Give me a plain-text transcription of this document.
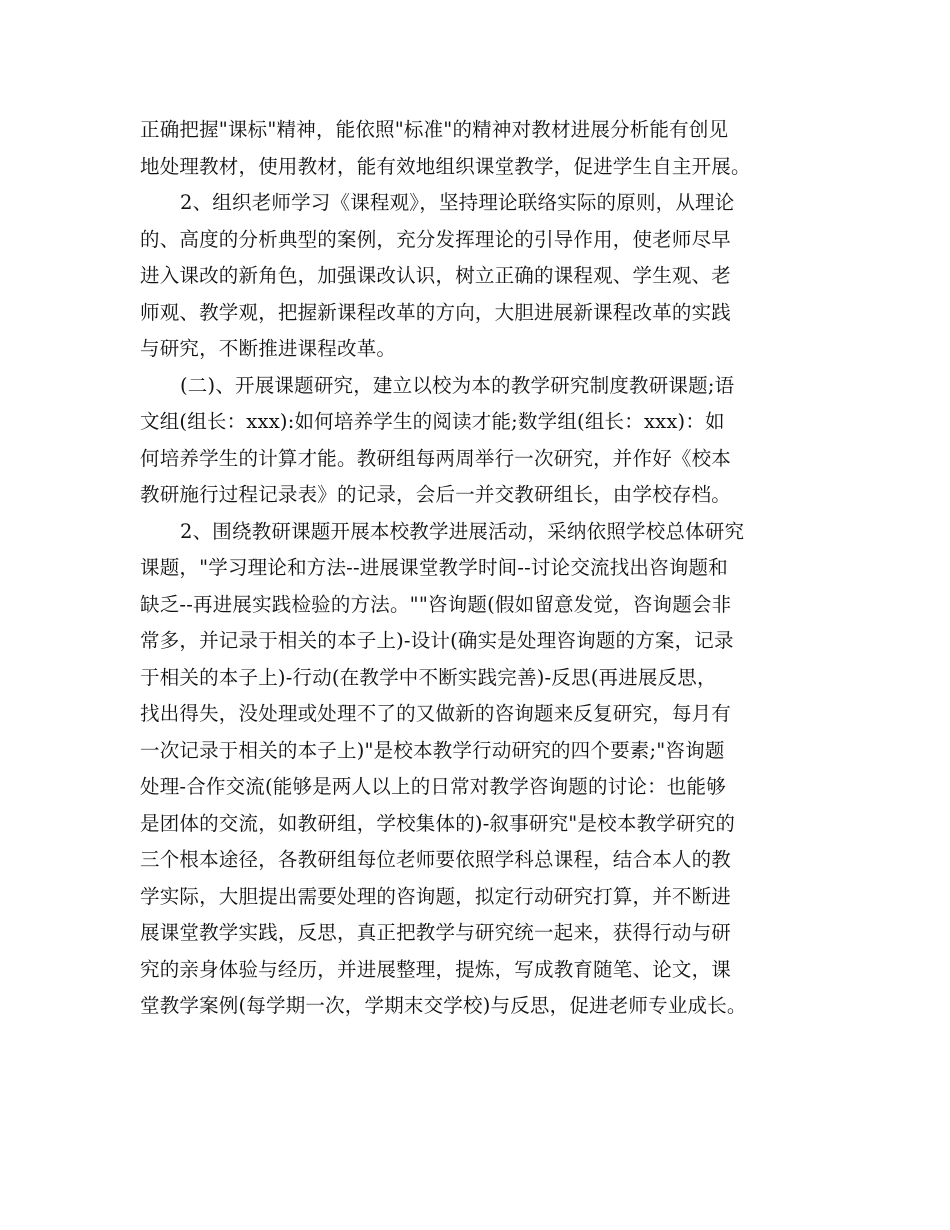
正确把握"课标"精神，能依照"标准"的精神对教材进展分析能有创见
地处理教材，使用教材，能有效地组织课堂教学，促进学生自主开展。
2、组织老师学习《课程观》，坚持理论联络实际的原则，从理论
的、高度的分析典型的案例，充分发挥理论的引导作用，使老师尽早
进入课改的新角色，加强课改认识，树立正确的课程观、学生观、老
师观、教学观，把握新课程改革的方向，大胆进展新课程改革的实践
与研究，不断推进课程改革。
(二)、开展课题研究，建立以校为本的教学研究制度教研课题;语
文组(组长：xxx):如何培养学生的阅读才能;数学组(组长：xxx)：如
何培养学生的计算才能。教研组每两周举行一次研究，并作好《校本
教研施行过程记录表》的记录，会后一并交教研组长，由学校存档。
2、围绕教研课题开展本校教学进展活动，采纳依照学校总体研究
课题，"学习理论和方法--进展课堂教学时间--讨论交流找出咨询题和
缺乏--再进展实践检验的方法。""咨询题(假如留意发觉，咨询题会非
常多，并记录于相关的本子上)-设计(确实是处理咨询题的方案，记录
于相关的本子上)-行动(在教学中不断实践完善)-反思(再进展反思，
找出得失，没处理或处理不了的又做新的咨询题来反复研究，每月有
一次记录于相关的本子上)"是校本教学行动研究的四个要素;"咨询题
处理-合作交流(能够是两人以上的日常对教学咨询题的讨论：也能够
是团体的交流，如教研组，学校集体的)-叙事研究"是校本教学研究的
三个根本途径，各教研组每位老师要依照学科总课程，结合本人的教
学实际，大胆提出需要处理的咨询题，拟定行动研究打算，并不断进
展课堂教学实践，反思，真正把教学与研究统一起来，获得行动与研
究的亲身体验与经历，并进展整理，提炼，写成教育随笔、论文，课
堂教学案例(每学期一次，学期末交学校)与反思，促进老师专业成长。
